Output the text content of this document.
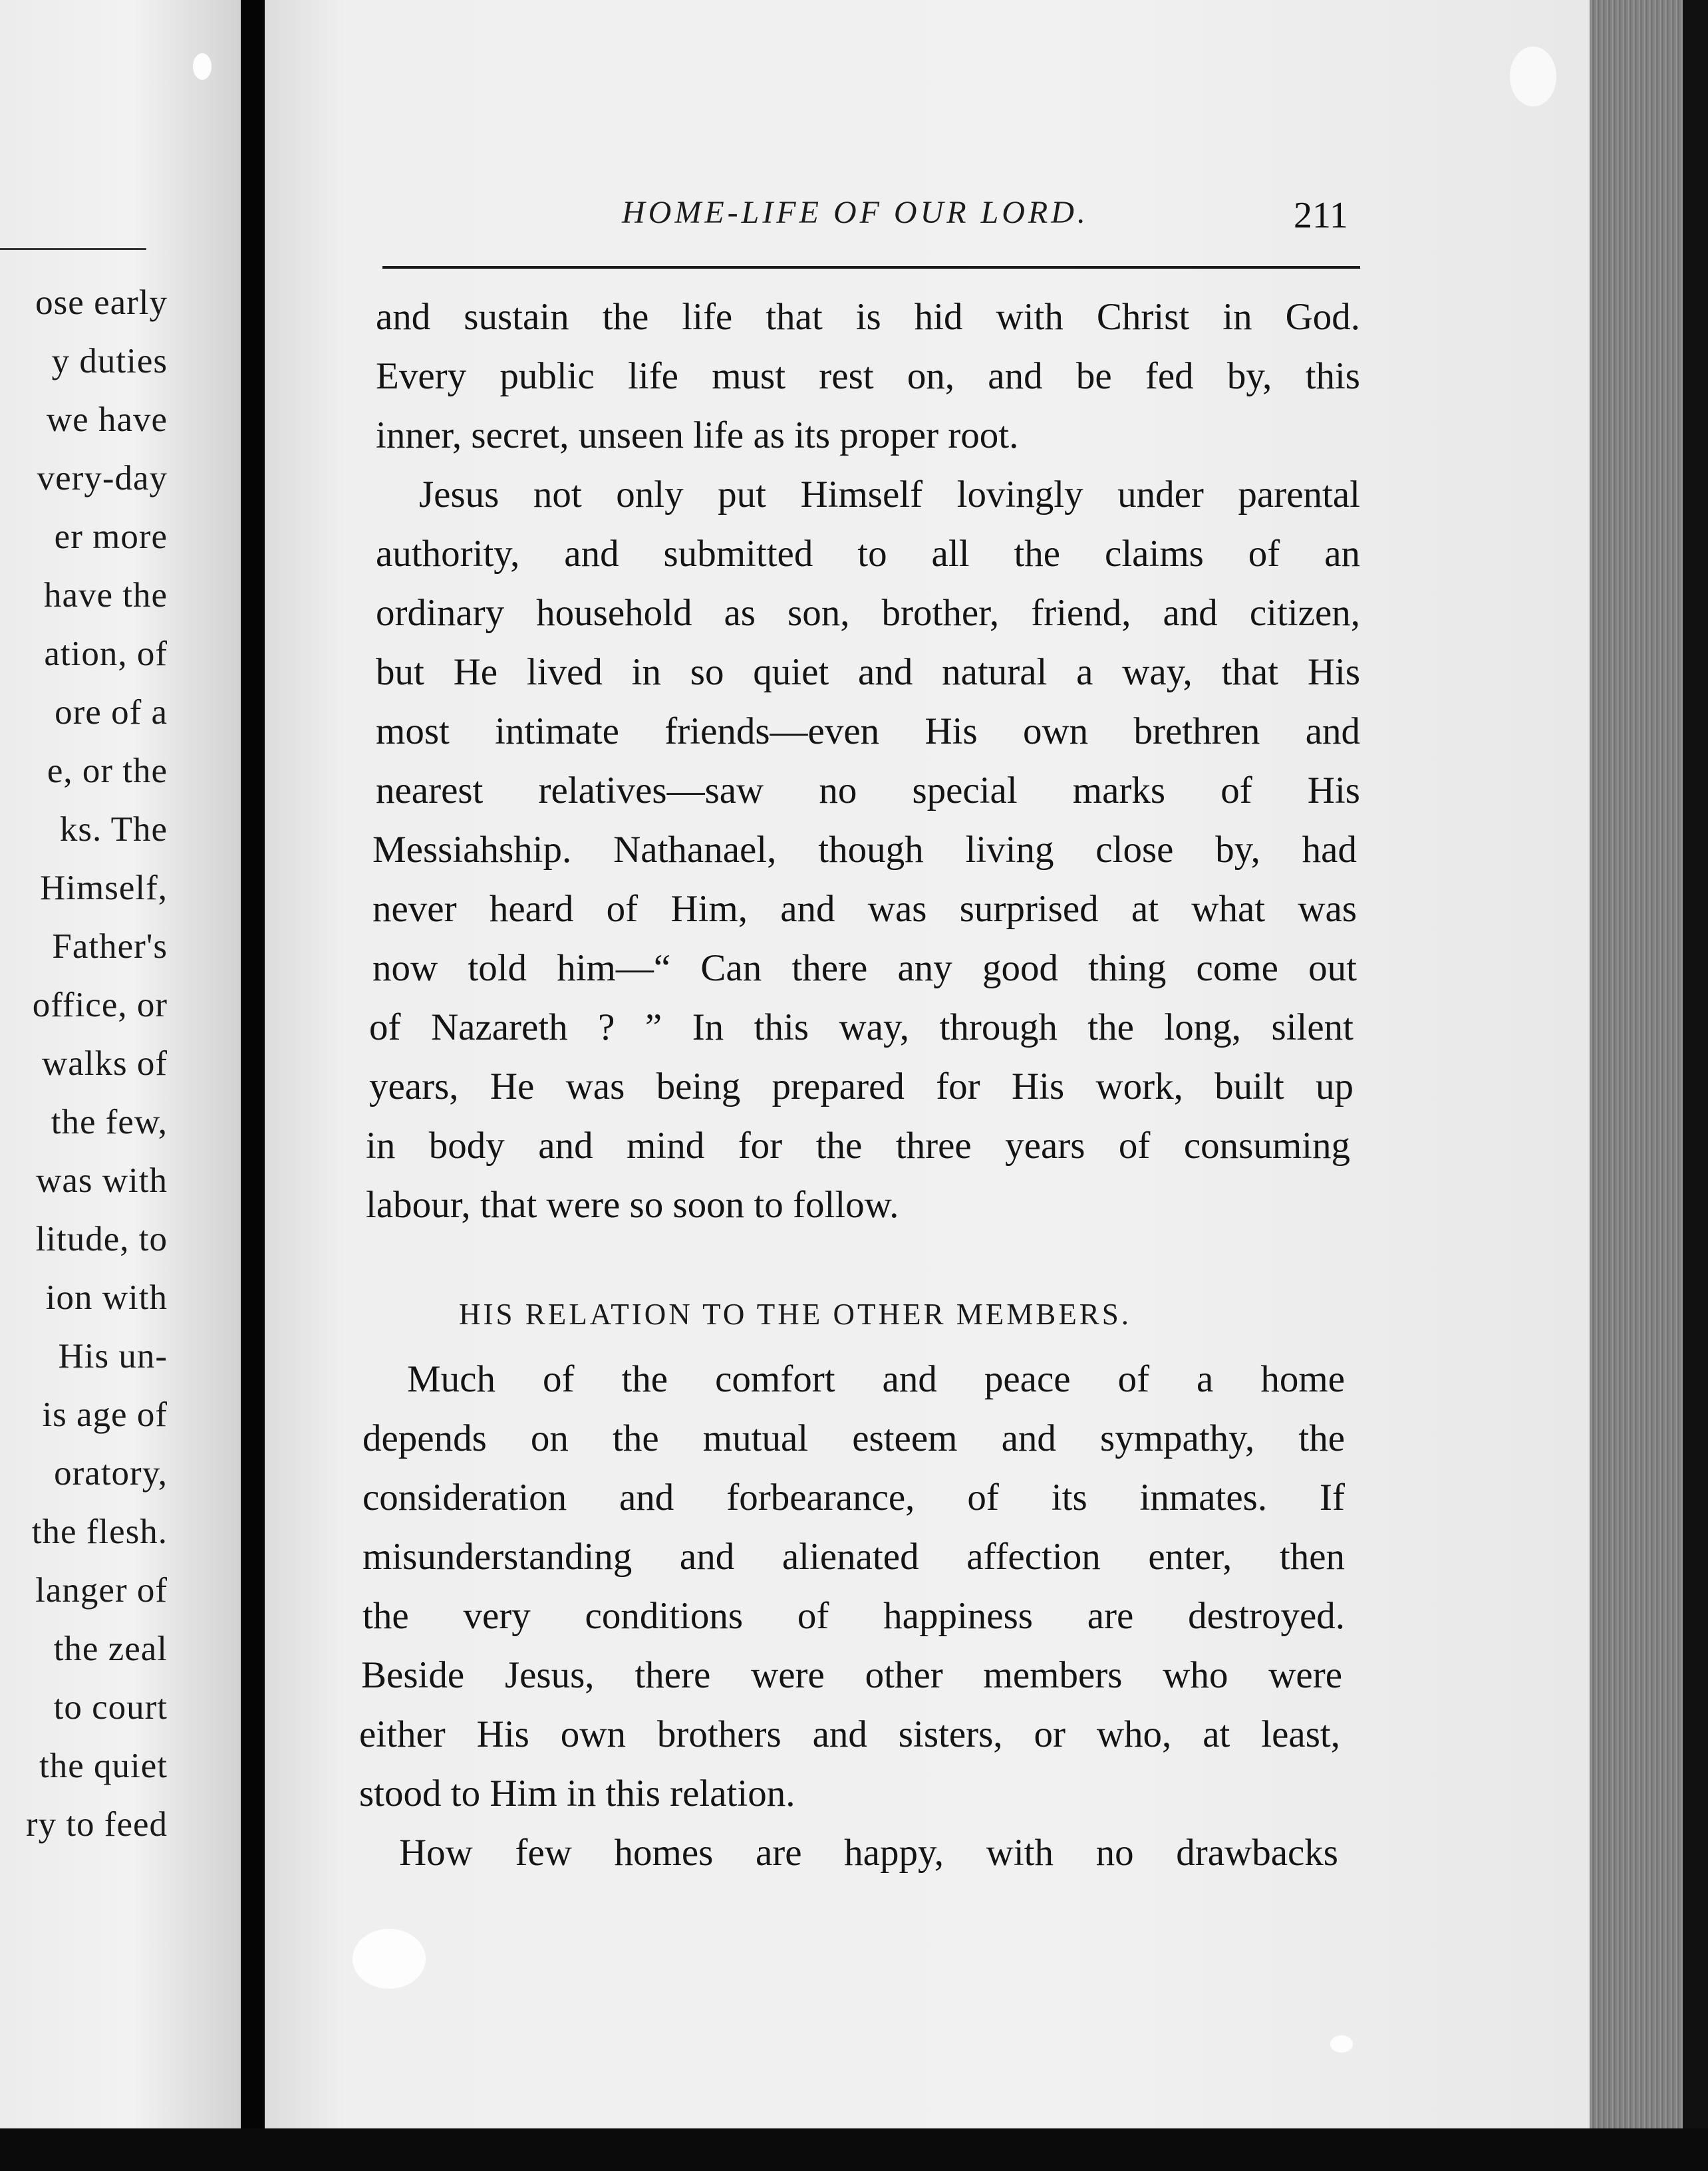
ose early
y duties
we have
very-day
er more
have the
ation, of
ore of a
e, or the
ks. The
Himself,
Father's
office, or
walks of
the few,
was with
litude, to
ion with
His un-
is age of
oratory,
the flesh.
langer of
the zeal
to court
the quiet
ry to feed
HOME-LIFE OF OUR LORD.	211
and sustain the life that is hid with Christ in God.
Every public life must rest on, and be fed by, this
inner, secret, unseen life as its proper root.
Jesus not only put Himself lovingly under parental
authority, and submitted to all the claims of an
ordinary household as son, brother, friend, and citizen,
but He lived in so quiet and natural a way, that His
most intimate friends—even His own brethren and
nearest relatives—saw no special marks of His
Messiahship. Nathanael, though living close by, had
never heard of Him, and was surprised at what was
now told him—“ Can there any good thing come out
of Nazareth ? ” In this way, through the long, silent
years, He was being prepared for His work, built up
in body and mind for the three years of consuming
labour, that were so soon to follow.
HIS RELATION TO THE OTHER MEMBERS.
Much of the comfort and peace of a home
depends on the mutual esteem and sympathy, the
consideration and forbearance, of its inmates. If
misunderstanding and alienated affection enter, then
the very conditions of happiness are destroyed.
Beside Jesus, there were other members who were
either His own brothers and sisters, or who, at least,
stood to Him in this relation.
How few homes are happy, with no drawbacks
